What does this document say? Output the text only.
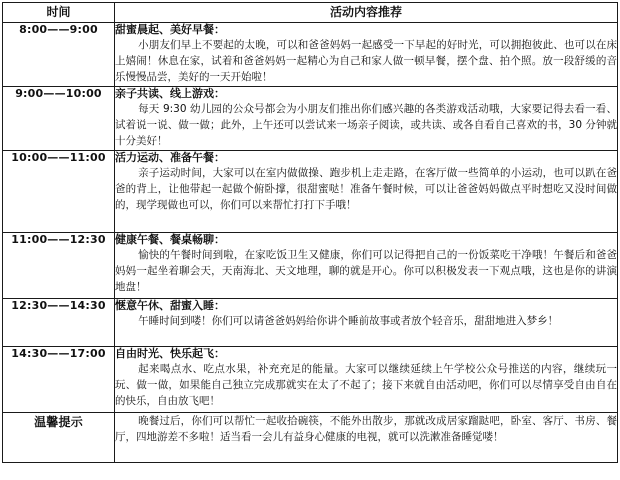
时间	活动内容推荐
8:00——9:00	甜蜜晨起、美好早餐：
小朋友们早上不要起的太晚，可以和爸爸妈妈一起感受一下早起的好时光，可以拥抱彼此、也可以在床上嬉闹！休息在家，试着和爸爸妈妈一起精心为自己和家人做一顿早餐，摆个盘、拍个照。放一段舒缓的音乐慢慢品尝，美好的一天开始啦！

9:00——10:00	亲子共读、线上游戏：
每天 9:30 幼儿园的公众号都会为小朋友们推出你们感兴趣的各类游戏活动哦，大家要记得去看一看、试着说一说、做一做；此外，上午还可以尝试来一场亲子阅读，或共读、或各自看自己喜欢的书，30 分钟就十分美好！

10:00——11:00	活力运动、准备午餐：
亲子运动时间，大家可以在室内做做操、跑步机上走走路，在客厅做一些简单的小运动，也可以趴在爸爸的背上，让他带起一起做个俯卧撑，很甜蜜哒！准备午餐时候，可以让爸爸妈妈做点平时想吃又没时间做的，现学现做也可以，你们可以来帮忙打打下手哦！

11:00——12:30	健康午餐、餐桌畅聊：
愉快的午餐时间到啦，在家吃饭卫生又健康，你们可以记得把自己的一份饭菜吃干净哦！午餐后和爸爸妈妈一起坐着聊会天，天南海北、天文地理，聊的就是开心。你可以积极发表一下观点哦，这也是你的讲演地盘！

12:30——14:30	惬意午休、甜蜜入睡：
午睡时间到喽！你们可以请爸爸妈妈给你讲个睡前故事或者放个轻音乐，甜甜地进入梦乡！

14:30——17:00	自由时光、快乐起飞：
起来喝点水、吃点水果，补充充足的能量。大家可以继续延续上午学校公众号推送的内容，继续玩一玩、做一做，如果能自己独立完成那就实在太了不起了；接下来就自由活动吧，你们可以尽情享受自由自在的快乐，自由放飞吧！

温馨提示	晚餐过后，你们可以帮忙一起收拾碗筷，不能外出散步，那就改成居家蹓跶吧，卧室、客厅、书房、餐厅，四地游差不多啦！适当看一会儿有益身心健康的电视，就可以洗漱准备睡觉喽！
